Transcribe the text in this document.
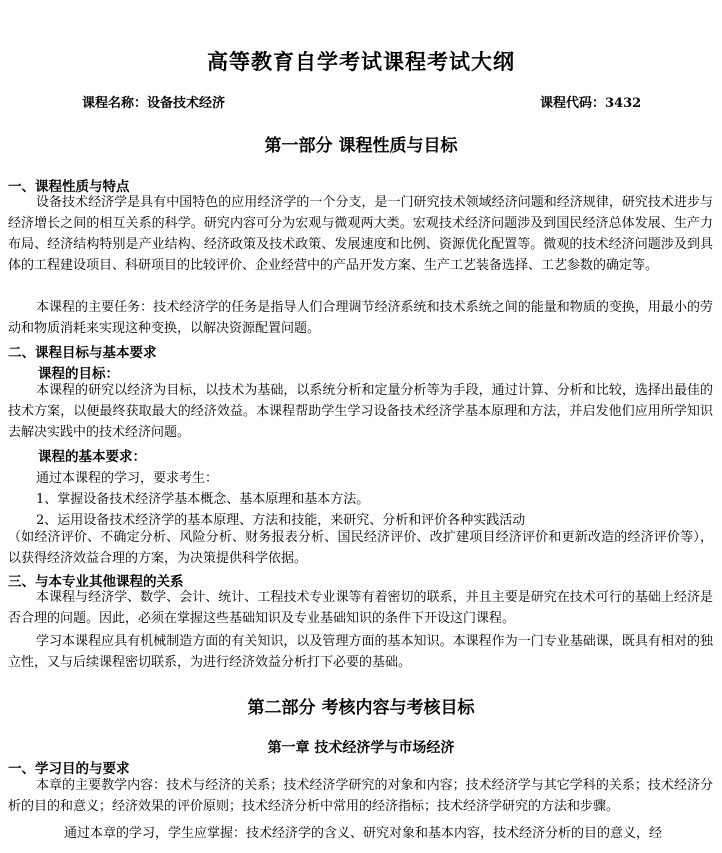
高等教育自学考试课程考试大纲
课程名称：设备技术经济	课程代码：3432
第一部分 课程性质与目标
一、课程性质与特点
设备技术经济学是具有中国特色的应用经济学的一个分支，是一门研究技术领域经济问题和经济规律，研究技术进步与经济增长之间的相互关系的科学。研究内容可分为宏观与微观两大类。宏观技术经济问题涉及到国民经济总体发展、生产力布局、经济结构特别是产业结构、经济政策及技术政策、发展速度和比例、资源优化配置等。微观的技术经济问题涉及到具体的工程建设项目、科研项目的比较评价、企业经营中的产品开发方案、生产工艺装备选择、工艺参数的确定等。
本课程的主要任务：技术经济学的任务是指导人们合理调节经济系统和技术系统之间的能量和物质的变换，用最小的劳动和物质消耗来实现这种变换，以解决资源配置问题。
二、课程目标与基本要求
课程的目标：
本课程的研究以经济为目标，以技术为基础，以系统分析和定量分析等为手段，通过计算、分析和比较，选择出最佳的技术方案，以便最终获取最大的经济效益。本课程帮助学生学习设备技术经济学基本原理和方法，并启发他们应用所学知识去解决实践中的技术经济问题。
课程的基本要求：
通过本课程的学习，要求考生：
1、掌握设备技术经济学基本概念、基本原理和基本方法。
2、运用设备技术经济学的基本原理、方法和技能，来研究、分析和评价各种实践活动
（如经济评价、不确定分析、风险分析、财务报表分析、国民经济评价、改扩建项目经济评价和更新改造的经济评价等），以获得经济效益合理的方案，为决策提供科学依据。
三、与本专业其他课程的关系
本课程与经济学、数学、会计、统计、工程技术专业课等有着密切的联系，并且主要是研究在技术可行的基础上经济是否合理的问题。因此，必须在掌握这些基础知识及专业基础知识的条件下开设这门课程。
学习本课程应具有机械制造方面的有关知识，以及管理方面的基本知识。本课程作为一门专业基础课，既具有相对的独立性，又与后续课程密切联系，为进行经济效益分析打下必要的基础。
第二部分 考核内容与考核目标
第一章 技术经济学与市场经济
一、学习目的与要求
本章的主要教学内容：技术与经济的关系；技术经济学研究的对象和内容；技术经济学与其它学科的关系；技术经济分析的目的和意义；经济效果的评价原则；技术经济分析中常用的经济指标；技术经济学研究的方法和步骤。
通过本章的学习，学生应掌握：技术经济学的含义、研究对象和基本内容，技术经济分析的目的意义，经
